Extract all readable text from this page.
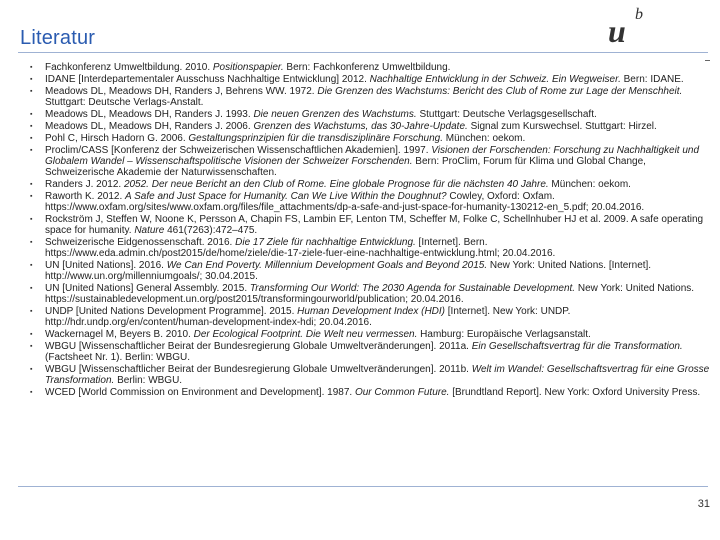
Literatur	u b
▪ Fachkonferenz Umweltbildung. 2010. Positionspapier. Bern: Fachkonferenz Umweltbildung.
▪ IDANE [Interdepartementaler Ausschuss Nachhaltige Entwicklung] 2012. Nachhaltige Entwicklung in der Schweiz. Ein Wegweiser. Bern: IDANE.
▪ Meadows DL, Meadows DH, Randers J, Behrens WW. 1972. Die Grenzen des Wachstums: Bericht des Club of Rome zur Lage der Menschheit. Stuttgart: Deutsche Verlags-Anstalt.
▪ Meadows DL, Meadows DH, Randers J. 1993. Die neuen Grenzen des Wachstums. Stuttgart: Deutsche Verlagsgesellschaft.
▪ Meadows DL, Meadows DH, Randers J. 2006. Grenzen des Wachstums, das 30-Jahre-Update. Signal zum Kurswechsel. Stuttgart: Hirzel.
▪ Pohl C, Hirsch Hadorn G. 2006. Gestaltungsprinzipien für die transdisziplinäre Forschung. München: oekom.
▪ Proclim/CASS [Konferenz der Schweizerischen Wissenschaftlichen Akademien]. 1997. Visionen der Forschenden: Forschung zu Nachhaltigkeit und Globalem Wandel – Wissenschaftspolitische Visionen der Schweizer Forschenden. Bern: ProClim, Forum für Klima und Global Change, Schweizerische Akademie der Naturwissenschaften.
▪ Randers J. 2012. 2052. Der neue Bericht an den Club of Rome. Eine globale Prognose für die nächsten 40 Jahre. München: oekom.
▪ Raworth K. 2012. A Safe and Just Space for Humanity. Can We Live Within the Doughnut? Cowley, Oxford: Oxfam. https://www.oxfam.org/sites/www.oxfam.org/files/file_attachments/dp-a-safe-and-just-space-for-humanity-130212-en_5.pdf; 20.04.2016.
▪ Rockström J, Steffen W, Noone K, Persson A, Chapin FS, Lambin EF, Lenton TM, Scheffer M, Folke C, Schellnhuber HJ et al. 2009. A safe operating space for humanity. Nature 461(7263):472–475.
▪ Schweizerische Eidgenossenschaft. 2016. Die 17 Ziele für nachhaltige Entwicklung. [Internet]. Bern. https://www.eda.admin.ch/post2015/de/home/ziele/die-17-ziele-fuer-eine-nachhaltige-entwicklung.html; 20.04.2016.
▪ UN [United Nations]. 2016. We Can End Poverty. Millennium Development Goals and Beyond 2015. New York: United Nations. [Internet]. http://www.un.org/millenniumgoals/; 30.04.2015.
▪ UN [United Nations] General Assembly. 2015. Transforming Our World: The 2030 Agenda for Sustainable Development. New York: United Nations. https://sustainabledevelopment.un.org/post2015/transformingourworld/publication; 20.04.2016.
▪ UNDP [United Nations Development Programme]. 2015. Human Development Index (HDI) [Internet]. New York: UNDP. http://hdr.undp.org/en/content/human-development-index-hdi; 20.04.2016.
▪ Wackernagel M, Beyers B. 2010. Der Ecological Footprint. Die Welt neu vermessen. Hamburg: Europäische Verlagsanstalt.
▪ WBGU [Wissenschaftlicher Beirat der Bundesregierung Globale Umweltveränderungen]. 2011a. Ein Gesellschaftsvertrag für die Transformation. (Factsheet Nr. 1). Berlin: WBGU.
▪ WBGU [Wissenschaftlicher Beirat der Bundesregierung Globale Umweltveränderungen]. 2011b. Welt im Wandel: Gesellschaftsvertrag für eine Grosse Transformation. Berlin: WBGU.
▪ WCED [World Commission on Environment and Development]. 1987. Our Common Future. [Brundtland Report]. New York: Oxford University Press.
31
